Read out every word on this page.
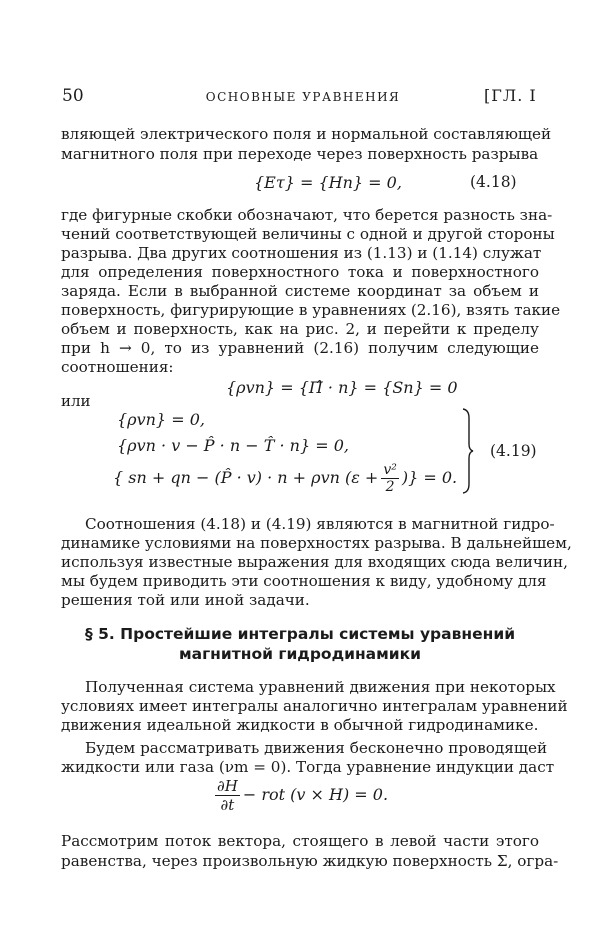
50	ОСНОВНЫЕ УРАВНЕНИЯ	[ГЛ. I
вляющей электрического поля и нормальной составляющей
магнитного поля при переходе через поверхность разрыва
{Eτ} = {Hn} = 0,	(4.18)
где фигурные скобки обозначают, что берется разность зна-
чений соответствующей величины с одной и другой стороны
разрыва. Два других соотношения из (1.13) и (1.14) служат
для определения поверхностного тока и поверхностного
заряда. Если в выбранной системе координат за объем и
поверхность, фигурирующие в уравнениях (2.16), взять такие
объем и поверхность, как на рис. 2, и перейти к пределу
при h → 0, то из уравнений (2.16) получим следующие
соотношения:
{ρvn} = {Π̂ · n} = {Sn} = 0
или
{ρvn} = 0,
{ρvn · v − P̂ · n − T̂ · n} = 0,
{ sn + qn − (P̂ · v) · n + ρvn ($\varepsilon + \frac{\text{v²}}{2}$ )} = 0.
(4.19)
Соотношения (4.18) и (4.19) являются в магнитной гидро-
динамике условиями на поверхностях разрыва. В дальнейшем,
используя известные выражения для входящих сюда величин,
мы будем приводить эти соотношения к виду, удобному для
решения той или иной задачи.
§ 5. Простейшие интегралы системы уравнений
магнитной гидродинамики
Полученная система уравнений движения при некоторых
условиях имеет интегралы аналогично интегралам уравнений
движения идеальной жидкости в обычной гидродинамике.
Будем рассматривать движения бесконечно проводящей
жидкости или газа (νm = 0). Тогда уравнение индукции даст
$\frac{\partial H}{\partial t}$ − rot (v × H) = 0.
Рассмотрим поток вектора, стоящего в левой части этого
равенства, через произвольную жидкую поверхность Σ, огра-
